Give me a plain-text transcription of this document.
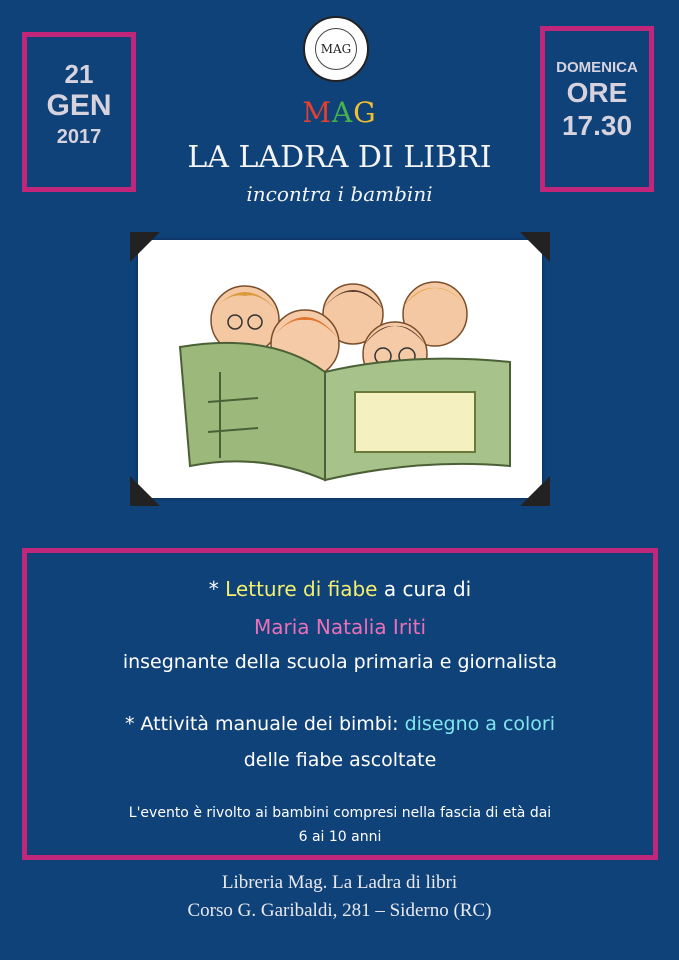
21
GEN
2017
DOMENICA
ORE
17.30
MAG
MAG
LA LADRA DI LIBRI
incontra i bambini
* Letture di fiabe a cura di
Maria Natalia Iriti
insegnante della scuola primaria e giornalista
* Attività manuale dei bimbi: disegno a colori
delle fiabe ascoltate
L'evento è rivolto ai bambini compresi nella fascia di età dai
6 ai 10 anni
Libreria Mag. La Ladra di libri
Corso G. Garibaldi, 281 – Siderno (RC)
